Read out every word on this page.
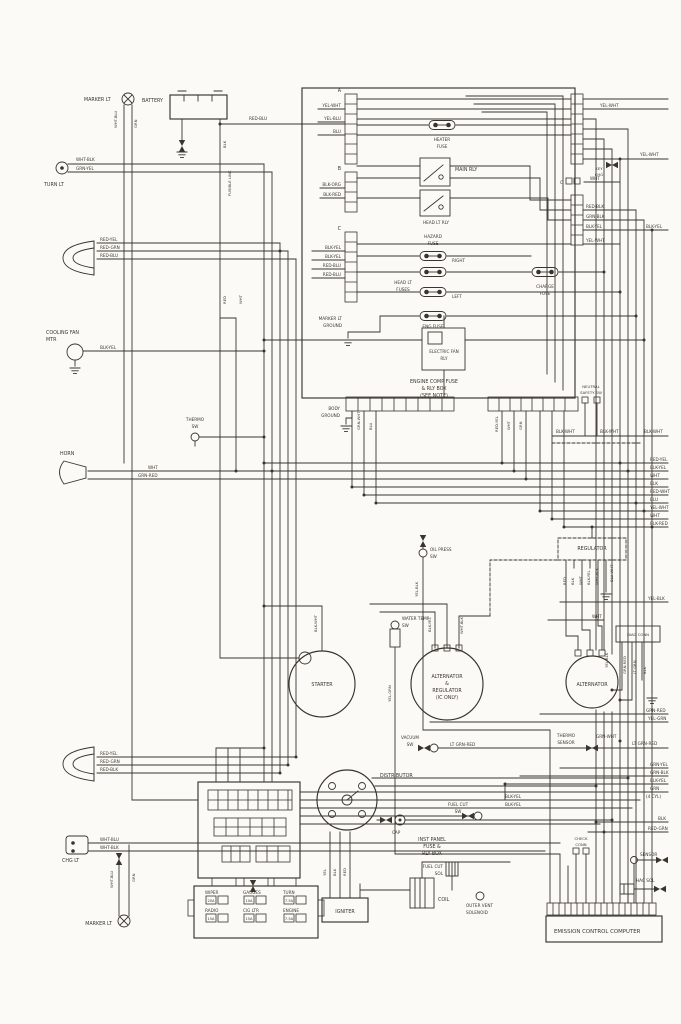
BATTERY
MARKER LT
WHT-BLU	GRN
RED-BLU
BLK
FUSIBLE LINK
RED	WHT
WHT-BLK
GRN-YEL
TURN LT
RED-YEL
RED-GRN
RED-BLU
COOLING FAN
MTR
BLK-YEL
THERMO
SW
HORN
WHT
GRN-RED
A
B
C
C
YEL-WHT
YEL-BLU
BLU
BLK-ORG
BLK-RED
BLK-YEL
BLK-YEL
RED-BLU
RED-BLU
MARKER LT
GROUND
HEATER
FUSE
MAIN RLY
HEAD LT RLY
HAZARD
FUSE
RIGHT
HEAD LT
FUSES
LEFT
ENG FUSE
CHARGE
FUSE
ELECTRIC FAN
RLY
ENGINE COMP FUSE
& RLY BOX
(SEE NOTE)
BODY
GROUND
YEL-WHT
YEL-WHT
KEY
CHG
WHT
RED-BLK
GRN-BLK
BLK-YEL	BLK-YEL
YEL-WHT
GRN-WHT BLU	RED-YEL WHT GRN
NEUTRAL
SAFETY SW
BLK-WHT	BLK-WHT	BLK-WHT
RED-YEL
BLK-YEL
WHT
BLK
RED-WHT
BLU
YEL-WHT
WHT
BLK-RED
BLK-WHT
OIL PRESS
SW
YEL-BLK
REGULATOR
RED BLK WHT BLK-YEL WHT-BLK	BLU-WHT
YEL-BLK
WHT
STARTER
WATER TEMP
SW
YEL-GRN
ALTERNATOR
&
REGULATOR
(IC ONLY)
BLK-YEL	WHT-BLK
ALTERNATOR
YEL-BLK
DIAG CONN
GRN-RED LT GRN BLK
GRN-RED
YEL-GRN
VACUUM
SW	LT GRN-RED	LT GRN-RED
THERMO
SENSOR
GRN-WHT
GRN-YEL
GRN-BLK
BLK-YEL
GRN
(4 CYL)
RED-YEL
RED-GRN
RED-BLK
WHT-BLU
WHT-BLK
CHG LT
WHT-BLU	GRN
MARKER LT
INST PANEL
FUSE &
RLY BOX
WIPER	GAUGES	TURN
20A	10A	7.5A
RADIO	CIG LTR	ENGINE
15A	15A	7.5A
DISTRIBUTOR
CAP
YEL BLK RED
IGNITER
COIL
FUEL CUT
SW
BLK-YEL
BLK-YEL
FUEL CUT
SOL
OUTER VENT
SOLENOID
CHECK
CONN
SENSOR
HAC SOL
BLK
RED-GRN
EMISSION CONTROL COMPUTER
